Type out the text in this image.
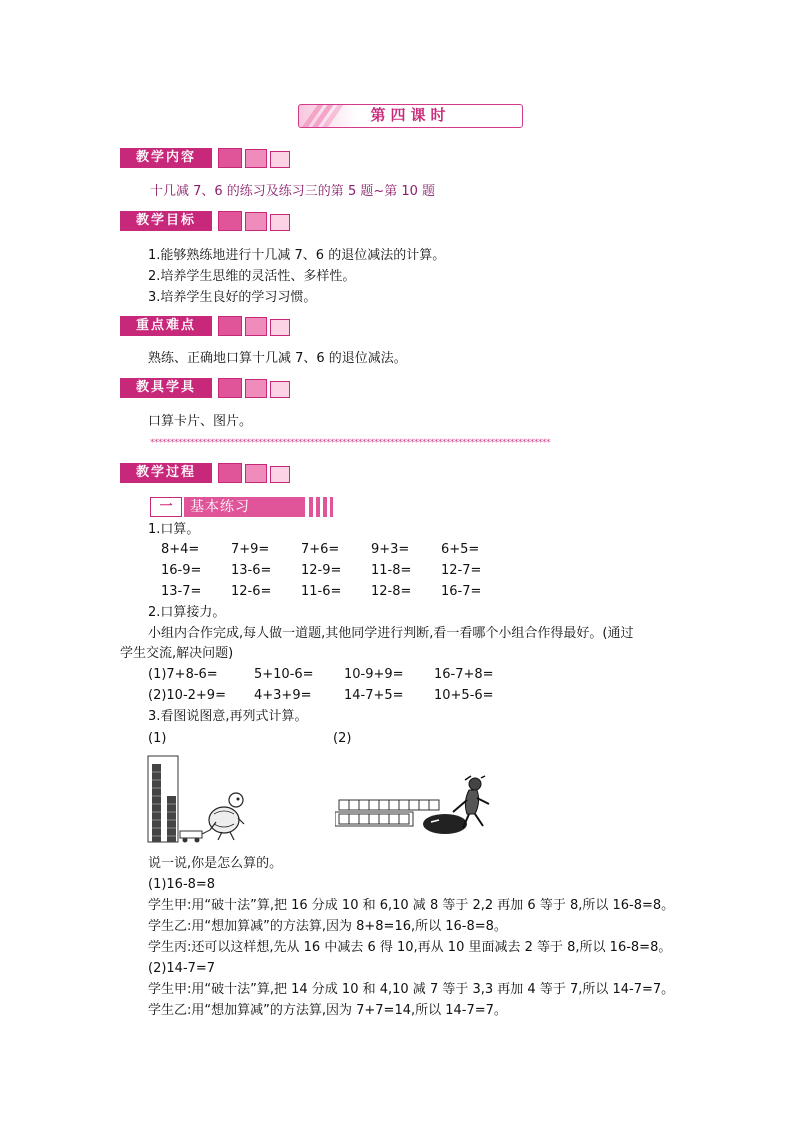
第四课时
教学内容
十几减 7、6 的练习及练习三的第 5 题~第 10 题
教学目标
1.能够熟练地进行十几减 7、6 的退位减法的计算。
2.培养学生思维的灵活性、多样性。
3.培养学生良好的学习习惯。
重点难点
熟练、正确地口算十几减 7、6 的退位减法。
教具学具
口算卡片、图片。
****************************************************************************************************
教学过程
一	基本练习
1.口算。
8+4= 7+9= 7+6= 9+3= 6+5=
16-9= 13-6= 12-9= 11-8= 12-7=
13-7= 12-6= 11-6= 12-8= 16-7=
2.口算接力。
小组内合作完成,每人做一道题,其他同学进行判断,看一看哪个小组合作得最好。(通过
学生交流,解决问题)
(1)7+8-6=	5+10-6= 10-9+9= 16-7+8=
(2)10-2+9= 4+3+9=	14-7+5= 10+5-6=
3.看图说图意,再列式计算。
(1)	(2)
说一说,你是怎么算的。
(1)16-8=8
学生甲:用“破十法”算,把 16 分成 10 和 6,10 减 8 等于 2,2 再加 6 等于 8,所以 16-8=8。
学生乙:用“想加算减”的方法算,因为 8+8=16,所以 16-8=8。
学生丙:还可以这样想,先从 16 中减去 6 得 10,再从 10 里面减去 2 等于 8,所以 16-8=8。
(2)14-7=7
学生甲:用“破十法”算,把 14 分成 10 和 4,10 减 7 等于 3,3 再加 4 等于 7,所以 14-7=7。
学生乙:用“想加算减”的方法算,因为 7+7=14,所以 14-7=7。
